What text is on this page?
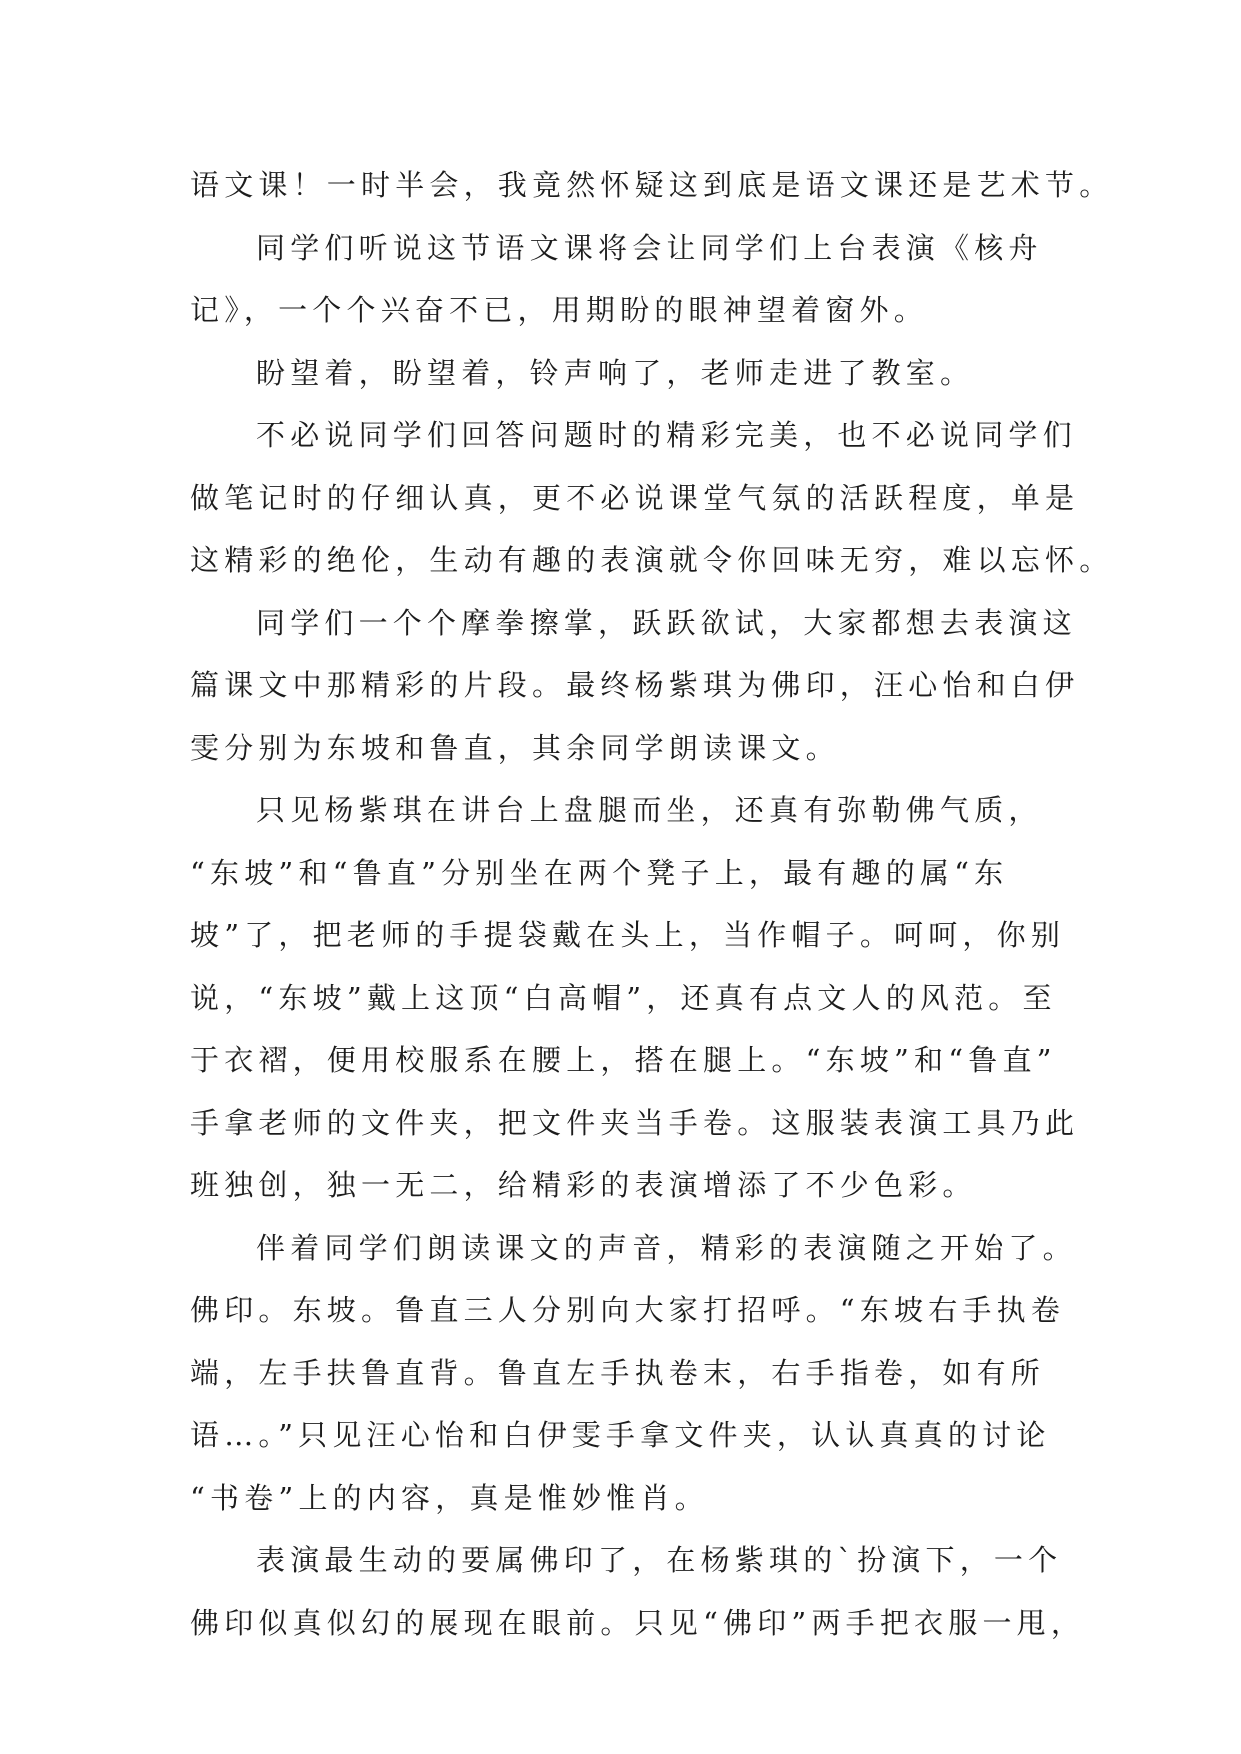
语文课！一时半会，我竟然怀疑这到底是语文课还是艺术节。
同学们听说这节语文课将会让同学们上台表演《核舟
记》，一个个兴奋不已，用期盼的眼神望着窗外。
盼望着，盼望着，铃声响了，老师走进了教室。
不必说同学们回答问题时的精彩完美，也不必说同学们
做笔记时的仔细认真，更不必说课堂气氛的活跃程度，单是
这精彩的绝伦，生动有趣的表演就令你回味无穷，难以忘怀。
同学们一个个摩拳擦掌，跃跃欲试，大家都想去表演这
篇课文中那精彩的片段。最终杨紫琪为佛印，汪心怡和白伊
雯分别为东坡和鲁直，其余同学朗读课文。
只见杨紫琪在讲台上盘腿而坐，还真有弥勒佛气质，
“东坡”和“鲁直”分别坐在两个凳子上，最有趣的属“东
坡”了，把老师的手提袋戴在头上，当作帽子。呵呵，你别
说，“东坡”戴上这顶“白高帽”，还真有点文人的风范。至
于衣褶，便用校服系在腰上，搭在腿上。“东坡”和“鲁直”
手拿老师的文件夹，把文件夹当手卷。这服装表演工具乃此
班独创，独一无二，给精彩的表演增添了不少色彩。
伴着同学们朗读课文的声音，精彩的表演随之开始了。
佛印。东坡。鲁直三人分别向大家打招呼。“东坡右手执卷
端，左手扶鲁直背。鲁直左手执卷末，右手指卷，如有所
语…。”只见汪心怡和白伊雯手拿文件夹，认认真真的讨论
“书卷”上的内容，真是惟妙惟肖。
表演最生动的要属佛印了，在杨紫琪的`扮演下，一个
佛印似真似幻的展现在眼前。只见“佛印”两手把衣服一甩，
